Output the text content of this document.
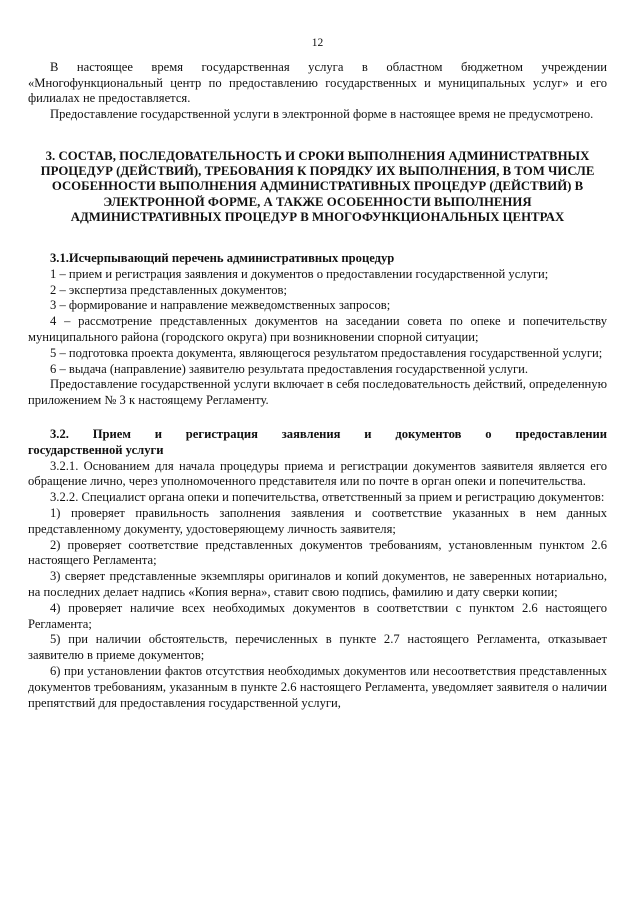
12

В настоящее время государственная услуга в областном бюджетном учреждении «Многофункциональный центр по предоставлению государственных и муниципальных услуг» и его филиалах не предоставляется.

Предоставление государственной услуги в электронной форме в настоящее время не предусмотрено.

3. СОСТАВ, ПОСЛЕДОВАТЕЛЬНОСТЬ И СРОКИ ВЫПОЛНЕНИЯ АДМИНИСТРАТВНЫХ ПРОЦЕДУР (ДЕЙСТВИЙ), ТРЕБОВАНИЯ К ПОРЯДКУ ИХ ВЫПОЛНЕНИЯ, В ТОМ ЧИСЛЕ ОСОБЕННОСТИ ВЫПОЛНЕНИЯ АДМИНИСТРАТИВНЫХ ПРОЦЕДУР (ДЕЙСТВИЙ) В ЭЛЕКТРОННОЙ ФОРМЕ, А ТАКЖЕ ОСОБЕННОСТИ ВЫПОЛНЕНИЯ АДМИНИСТРАТИВНЫХ ПРОЦЕДУР В МНОГОФУНКЦИОНАЛЬНЫХ ЦЕНТРАХ

3.1.Исчерпывающий перечень административных процедур

1 – прием и регистрация заявления и документов о предоставлении государственной услуги;

2 – экспертиза представленных документов;

3 – формирование и направление межведомственных запросов;

4 – рассмотрение представленных документов на заседании совета по опеке и попечительству муниципального района (городского округа) при возникновении спорной ситуации;

5 – подготовка проекта документа, являющегося результатом предоставления государственной услуги;

6 – выдача (направление) заявителю результата предоставления государственной услуги.

Предоставление государственной услуги включает в себя последовательность действий, определенную приложением № 3 к настоящему Регламенту.

3.2. Прием и регистрация заявления и документов о предоставлении

государственной услуги

3.2.1. Основанием для начала процедуры приема и регистрации документов заявителя является его обращение лично, через уполномоченного представителя или по почте в орган опеки и попечительства.

3.2.2. Специалист органа опеки и попечительства, ответственный за прием и регистрацию документов:

1) проверяет правильность заполнения заявления и соответствие указанных в нем данных представленному документу, удостоверяющему личность заявителя;

2) проверяет соответствие представленных документов требованиям, установленным пунктом 2.6 настоящего Регламента;

3) сверяет представленные экземпляры оригиналов и копий документов, не заверенных нотариально, на последних делает надпись «Копия верна», ставит свою подпись, фамилию и дату сверки копии;

4) проверяет наличие всех необходимых документов в соответствии с пунктом 2.6 настоящего Регламента;

5) при наличии обстоятельств, перечисленных в пункте 2.7 настоящего Регламента, отказывает заявителю в приеме документов;

6) при установлении фактов отсутствия необходимых документов или несоответствия представленных документов требованиям, указанным в пункте 2.6 настоящего Регламента, уведомляет заявителя о наличии препятствий для предоставления государственной услуги,
